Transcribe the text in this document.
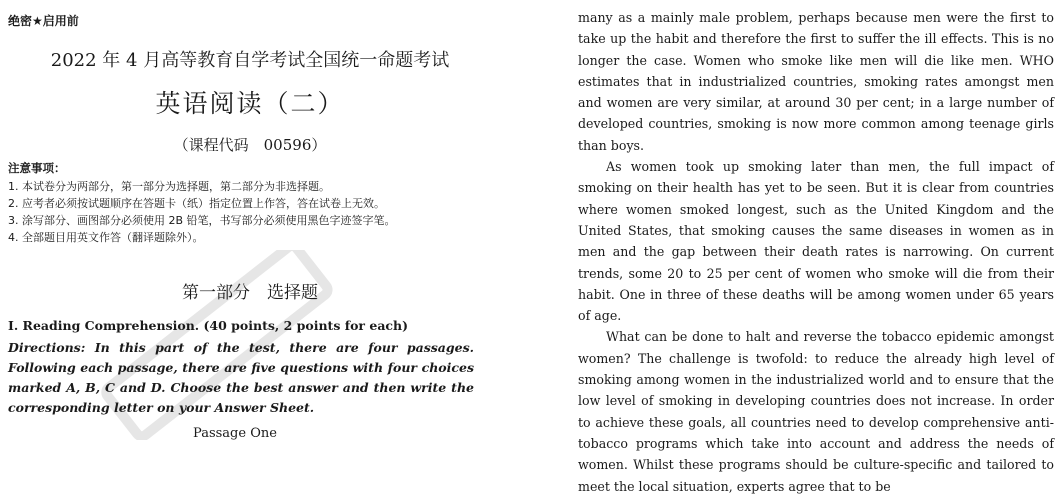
绝密★启用前
2022 年 4 月高等教育自学考试全国统一命题考试
英语阅读（二）
（课程代码　00596）
注意事项：
1. 本试卷分为两部分，第一部分为选择题，第二部分为非选择题。
2. 应考者必须按试题顺序在答题卡（纸）指定位置上作答，答在试卷上无效。
3. 涂写部分、画图部分必须使用 2B 铅笔，书写部分必须使用黑色字迹签字笔。
4. 全部题目用英文作答（翻译题除外）。
第一部分　选择题
I. Reading Comprehension. (40 points, 2 points for each)

Directions: In this part of the test, there are four passages. Following each passage, there are five questions with four choices marked A, B, C and D. Choose the best answer and then write the corresponding letter on your Answer Sheet.

Passage One

many as a mainly male problem, perhaps because men were the first to take up the habit and therefore the first to suffer the ill effects. This is no longer the case. Women who smoke like men will die like men. WHO estimates that in industrialized countries, smoking rates amongst men and women are very similar, at around 30 per cent; in a large number of developed countries, smoking is now more common among teenage girls than boys.

As women took up smoking later than men, the full impact of smoking on their health has yet to be seen. But it is clear from countries where women smoked longest, such as the United Kingdom and the United States, that smoking causes the same diseases in women as in men and the gap between their death rates is narrowing. On current trends, some 20 to 25 per cent of women who smoke will die from their habit. One in three of these deaths will be among women under 65 years of age.

What can be done to halt and reverse the tobacco epidemic amongst women? The challenge is twofold: to reduce the already high level of smoking among women in the industrialized world and to ensure that the low level of smoking in developing countries does not increase. In order to achieve these goals, all countries need to develop comprehensive anti-tobacco programs which take into account and address the needs of women. Whilst these programs should be culture-specific and tailored to meet the local situation, experts agree that to be
